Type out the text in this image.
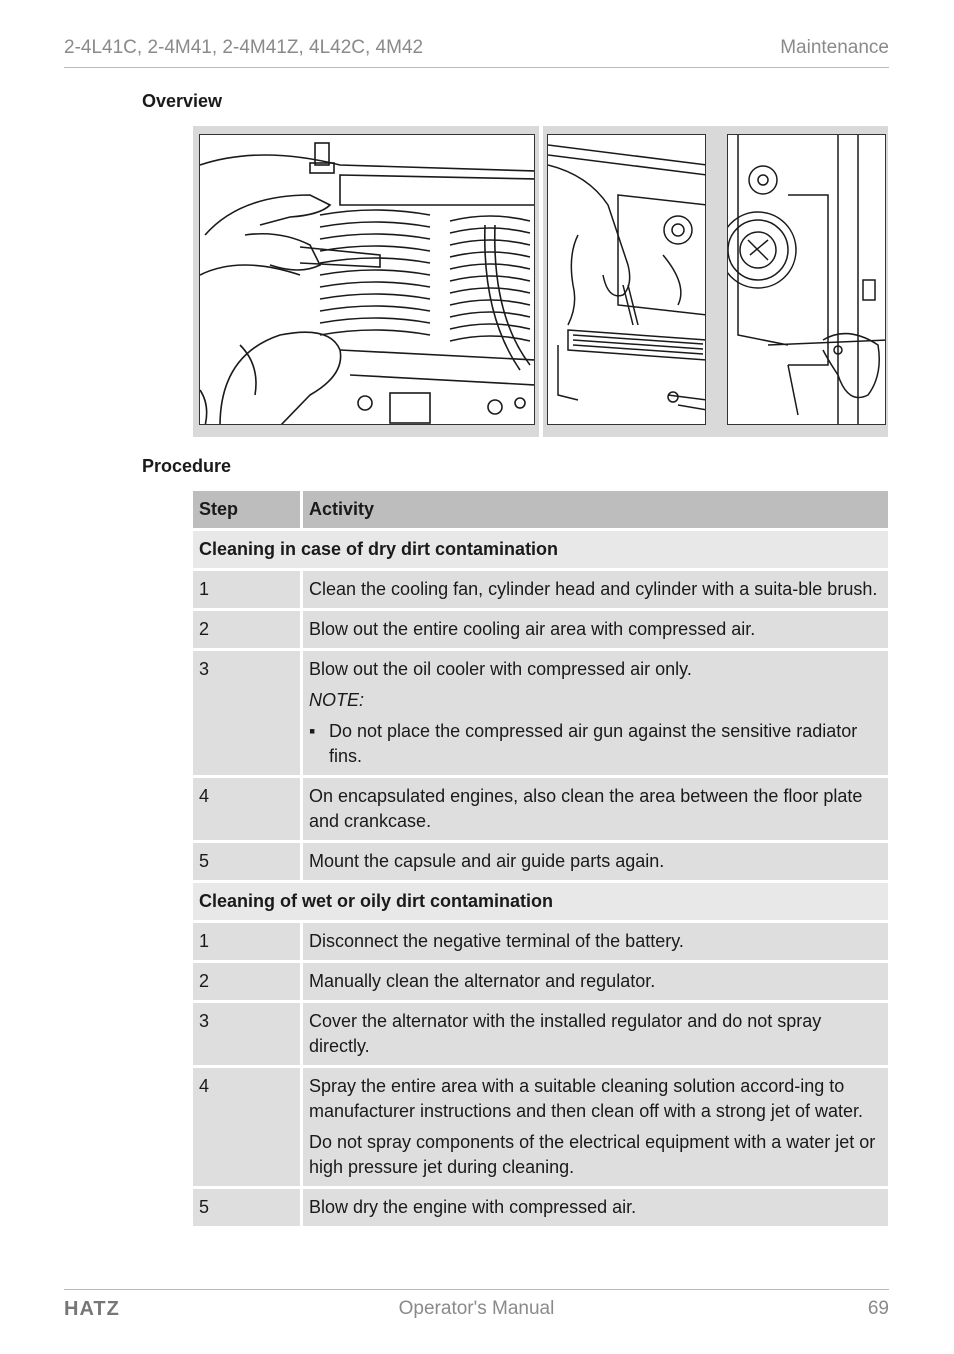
2-4L41C, 2-4M41, 2-4M41Z, 4L42C, 4M42	Maintenance
Overview
Procedure
Step	Activity
Cleaning in case of dry dirt contamination	
1	Clean the cooling fan, cylinder head and cylinder with a suita-ble brush.
2	Blow out the entire cooling air area with compressed air.
3	Blow out the oil cooler with compressed air only.
NOTE:
▪ Do not place the compressed air gun against the sensitive radiator fins.

4	On encapsulated engines, also clean the area between the floor plate and crankcase.
5	Mount the capsule and air guide parts again.
Cleaning of wet or oily dirt contamination	
1	Disconnect the negative terminal of the battery.
2	Manually clean the alternator and regulator.
3	Cover the alternator with the installed regulator and do not spray directly.
4	Spray the entire area with a suitable cleaning solution accord-ing to manufacturer instructions and then clean off with a strong jet of water.
Do not spray components of the electrical equipment with a water jet or high pressure jet during cleaning.

5	Blow dry the engine with compressed air.
HATZ	Operator's Manual	69
